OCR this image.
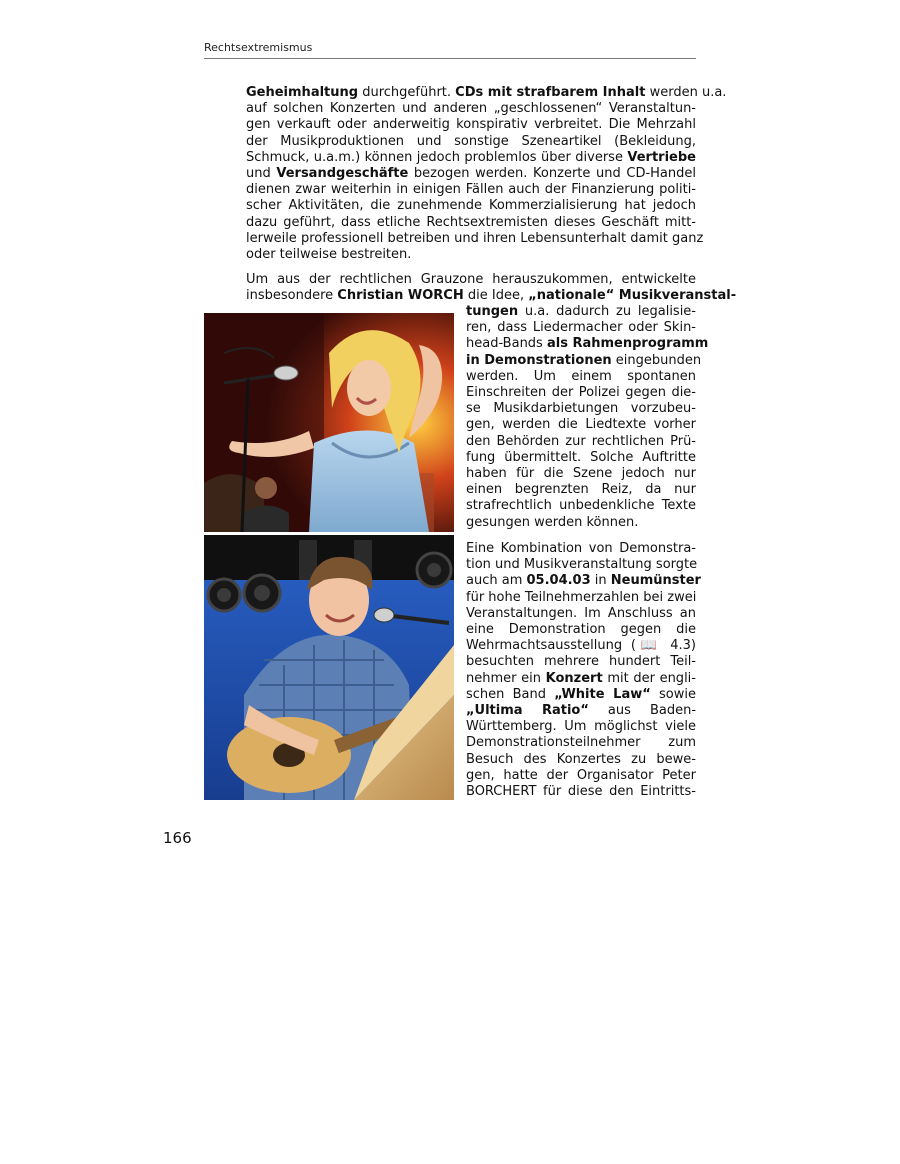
Rechtsextremismus
Geheimhaltung durchgeführt. CDs mit strafbarem Inhalt werden u.a.
auf solchen Konzerten und anderen „geschlossenen“ Veranstaltun-
gen verkauft oder anderweitig konspirativ verbreitet. Die Mehrzahl
der Musikproduktionen und sonstige Szeneartikel (Bekleidung,
Schmuck, u.a.m.) können jedoch problemlos über diverse Vertriebe
und Versandgeschäfte bezogen werden. Konzerte und CD-Handel
dienen zwar weiterhin in einigen Fällen auch der Finanzierung politi-
scher Aktivitäten, die zunehmende Kommerzialisierung hat jedoch
dazu geführt, dass etliche Rechtsextremisten dieses Geschäft mitt-
lerweile professionell betreiben und ihren Lebensunterhalt damit ganz
oder teilweise bestreiten.
Um aus der rechtlichen Grauzone herauszukommen, entwickelte
insbesondere Christian WORCH die Idee, „nationale“ Musikveranstal-
tungen u.a. dadurch zu legalisie-
ren, dass Liedermacher oder Skin-
head-Bands als Rahmenprogramm
in Demonstrationen eingebunden
werden. Um einem spontanen
Einschreiten der Polizei gegen die-
se Musikdarbietungen vorzubeu-
gen, werden die Liedtexte vorher
den Behörden zur rechtlichen Prü-
fung übermittelt. Solche Auftritte
haben für die Szene jedoch nur
einen begrenzten Reiz, da nur
strafrechtlich unbedenkliche Texte
gesungen werden können.
Eine Kombination von Demonstra-
tion und Musikveranstaltung sorgte
auch am 05.04.03 in Neumünster
für hohe Teilnehmerzahlen bei zwei
Veranstaltungen. Im Anschluss an
eine Demonstration gegen die
Wehrmachtsausstellung (📖 4.3)
besuchten mehrere hundert Teil-
nehmer ein Konzert mit der engli-
schen Band „White Law“ sowie
„Ultima Ratio“ aus Baden-
Württemberg. Um möglichst viele
Demonstrationsteilnehmer zum
Besuch des Konzertes zu bewe-
gen, hatte der Organisator Peter
BORCHERT für diese den Eintritts-
166
